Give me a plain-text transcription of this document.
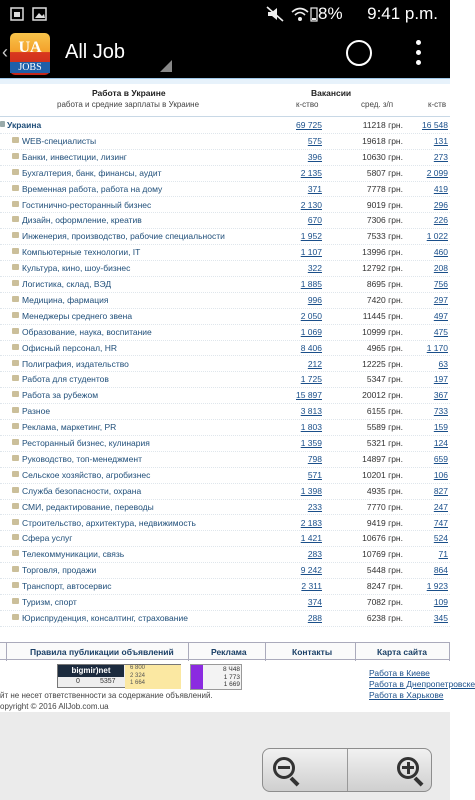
8% 9:41 p.m.
‹ UA
JOBS
All Job
Работа в Украине
работа и средние зарплаты в Украине
Вакансии
к-ство	сред. з/п	к-ств
Украина	69 725	11218 грн. 16 548
WEB-специалисты	575	19618 грн.	131
Банки, инвестиции, лизинг	396	10630 грн.	273
Бухгалтерия, банк, финансы, аудит	2 135	5807 грн.	2 099
Временная работа, работа на дому	371	7778 грн.	419
Гостинично-ресторанный бизнес	2 130	9019 грн.	296
Дизайн, оформление, креатив	670	7306 грн.	226
Инженерия, производство, рабочие специальности	1 952	7533 грн.	1 022
Компьютерные технологии, IT	1 107	13996 грн.	460
Культура, кино, шоу-бизнес	322	12792 грн.	208
Логистика, склад, ВЭД	1 885	8695 грн.	756
Медицина, фармация	996	7420 грн.	297
Менеджеры среднего звена	2 050	11445 грн.	497
Образование, наука, воспитание	1 069	10999 грн.	475
Офисный персонал, HR	8 406	4965 грн.	1 170
Полиграфия, издательство	212	12225 грн.	63
Работа для студентов	1 725	5347 грн.	197
Работа за рубежом	15 897	20012 грн.	367
Разное	3 813	6155 грн.	733
Реклама, маркетинг, PR	1 803	5589 грн.	159
Ресторанный бизнес, кулинария	1 359	5321 грн.	124
Руководство, топ-менеджмент	798	14897 грн.	659
Сельское хозяйство, агробизнес	571	10201 грн.	106
Служба безопасности, охрана	1 398	4935 грн.	827
СМИ, редактирование, переводы	233	7770 грн.	247
Строительство, архитектура, недвижимость	2 183	9419 грн.	747
Сфера услуг	1 421	10676 грн.	524
Телекоммуникации, связь	283	10769 грн.	71
Торговля, продажи	9 242	5448 грн.	864
Транспорт, автосервис	2 311	8247 грн.	1 923
Туризм, спорт	374	7082 грн.	109
Юриспруденция, консалтинг, страхование	288	6238 грн.	345
Правила публикации объявлений	Реклама	Контакты	Карта сайта
bigmir)net
0	5357
6 800
2 324
1 664
8 Ч48
1 773
1 669
Работа в Киеве
Работа в Днепропетровске
Работа в Харькове
йт не несет ответственности за содержание объявлений.
opyright © 2016 AllJob.com.ua
